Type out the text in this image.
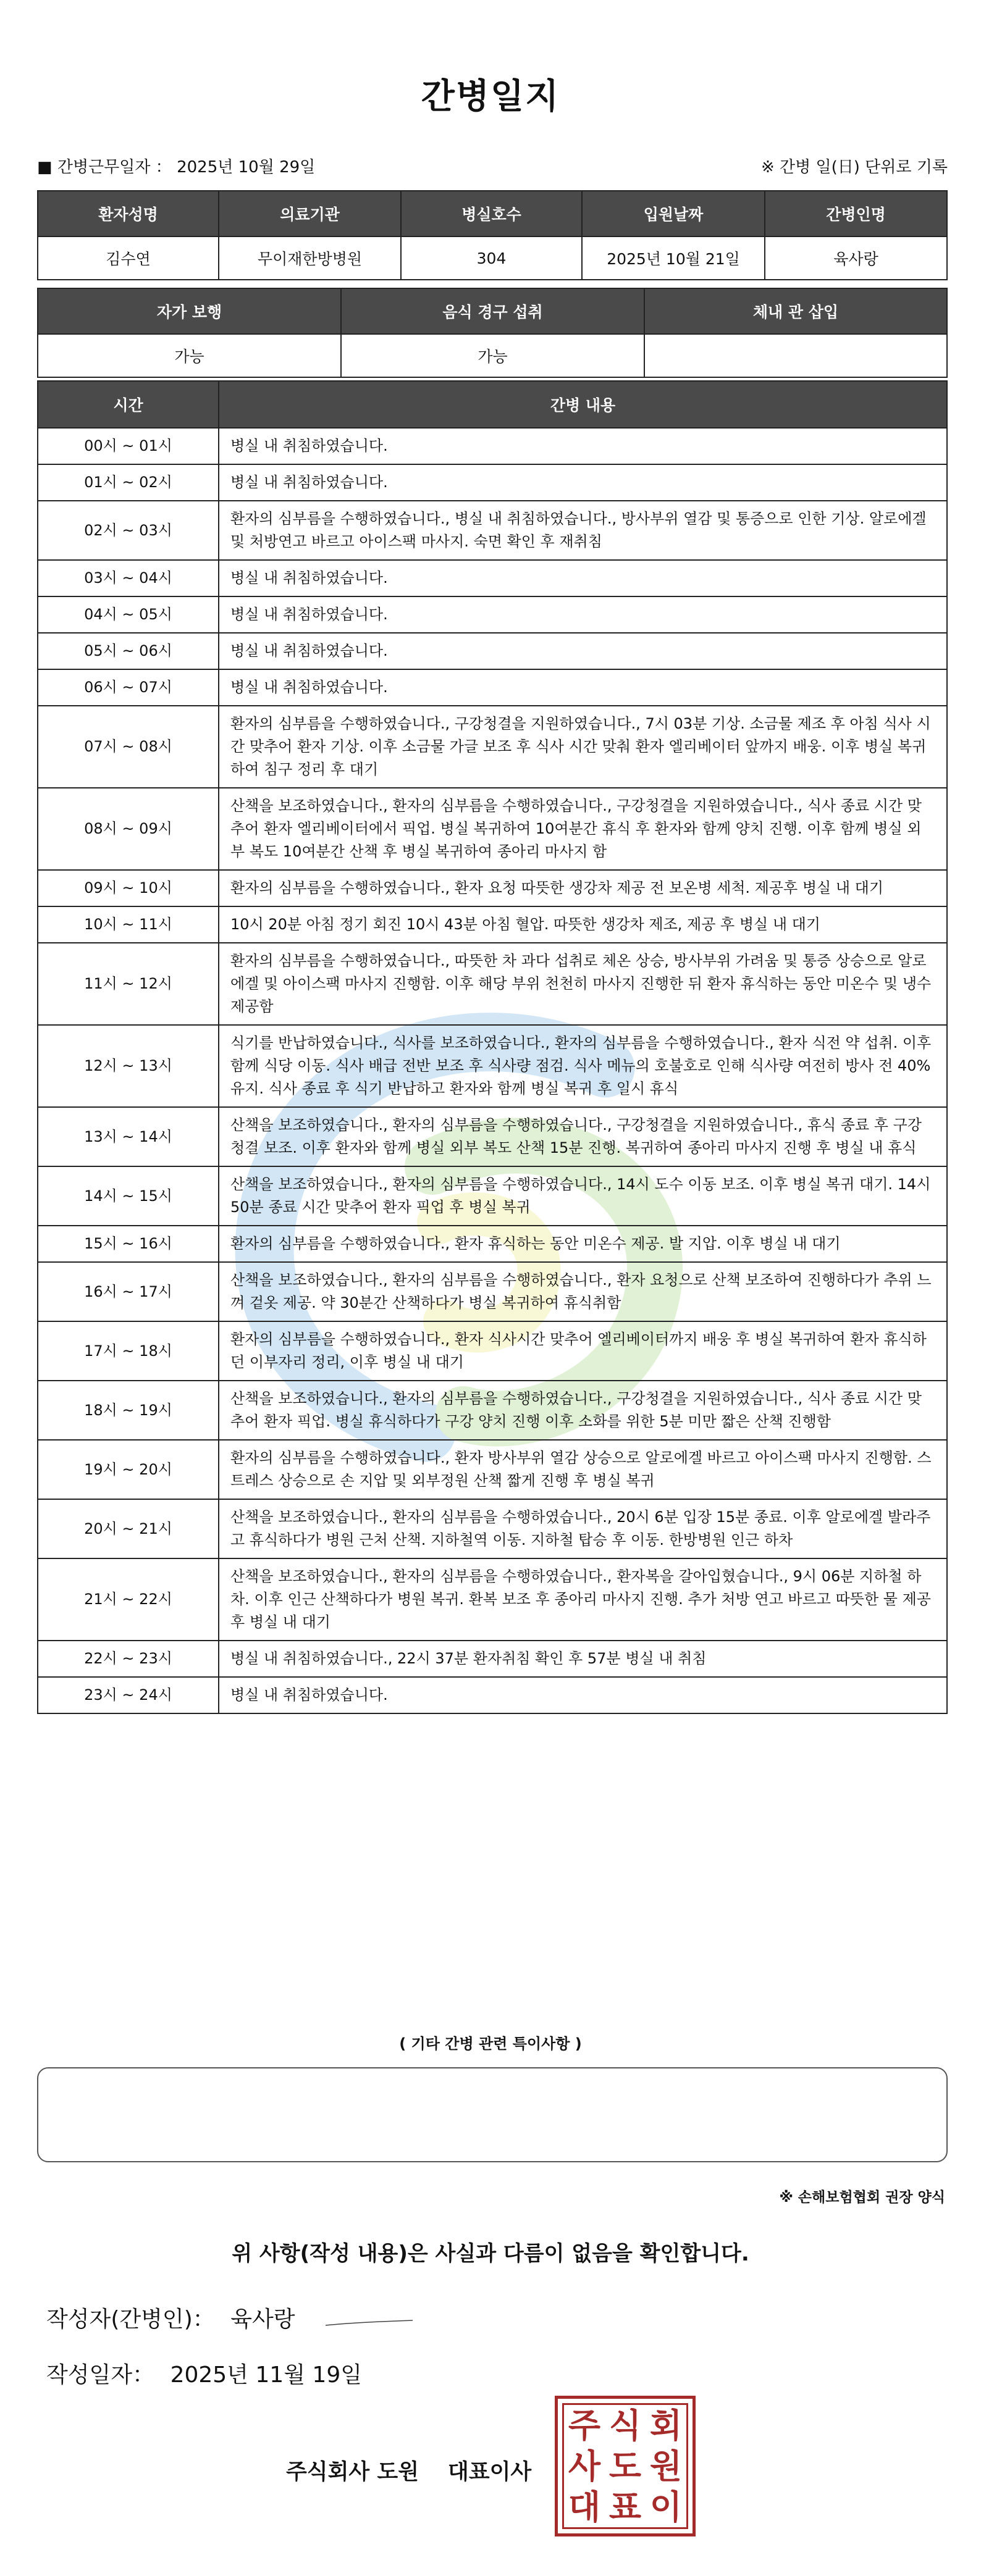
간병일지
■ 간병근무일자 ： 2025년 10월 29일	※ 간병 일(日) 단위로 기록
환자성명	의료기관	병실호수	입원날짜	간병인명
김수연	무이재한방병원	304	2025년 10월 21일	육사랑
자가 보행	음식 경구 섭취	체내 관 삽입
가능	가능	
시간	간병 내용
00시 ~ 01시	병실 내 취침하였습니다.
01시 ~ 02시	병실 내 취침하였습니다.
02시 ~ 03시	환자의 심부름을 수행하였습니다., 병실 내 취침하였습니다., 방사부위 열감 및 통증으로 인한 기상. 알로에겔 및 처방연고 바르고 아이스팩 마사지. 숙면 확인 후 재취침
03시 ~ 04시	병실 내 취침하였습니다.
04시 ~ 05시	병실 내 취침하였습니다.
05시 ~ 06시	병실 내 취침하였습니다.
06시 ~ 07시	병실 내 취침하였습니다.
07시 ~ 08시	환자의 심부름을 수행하였습니다., 구강청결을 지원하였습니다., 7시 03분 기상. 소금물 제조 후 아침 식사 시간 맞추어 환자 기상. 이후 소금물 가글 보조 후 식사 시간 맞춰 환자 엘리베이터 앞까지 배웅. 이후 병실 복귀하여 침구 정리 후 대기
08시 ~ 09시	산책을 보조하였습니다., 환자의 심부름을 수행하였습니다., 구강청결을 지원하였습니다., 식사 종료 시간 맞추어 환자 엘리베이터에서 픽업. 병실 복귀하여 10여분간 휴식 후 환자와 함께 양치 진행. 이후 함께 병실 외부 복도 10여분간 산책 후 병실 복귀하여 종아리 마사지 함
09시 ~ 10시	환자의 심부름을 수행하였습니다., 환자 요청 따뜻한 생강차 제공 전 보온병 세척. 제공후 병실 내 대기
10시 ~ 11시	10시 20분 아침 정기 회진 10시 43분 아침 혈압. 따뜻한 생강차 제조, 제공 후 병실 내 대기
11시 ~ 12시	환자의 심부름을 수행하였습니다., 따뜻한 차 과다 섭취로 체온 상승, 방사부위 가려움 및 통증 상승으로 알로에겔 및 아이스팩 마사지 진행함. 이후 해당 부위 천천히 마사지 진행한 뒤 환자 휴식하는 동안 미온수 및 냉수 제공함
12시 ~ 13시	식기를 반납하였습니다., 식사를 보조하였습니다., 환자의 심부름을 수행하였습니다., 환자 식전 약 섭취. 이후 함께 식당 이동. 식사 배급 전반 보조 후 식사량 점검. 식사 메뉴의 호불호로 인해 식사량 여전히 방사 전 40% 유지. 식사 종료 후 식기 반납하고 환자와 함께 병실 복귀 후 일시 휴식
13시 ~ 14시	산책을 보조하였습니다., 환자의 심부름을 수행하였습니다., 구강청결을 지원하였습니다., 휴식 종료 후 구강 청결 보조. 이후 환자와 함께 병실 외부 복도 산책 15분 진행. 복귀하여 종아리 마사지 진행 후 병실 내 휴식
14시 ~ 15시	산책을 보조하였습니다., 환자의 심부름을 수행하였습니다., 14시 도수 이동 보조. 이후 병실 복귀 대기. 14시 50분 종료 시간 맞추어 환자 픽업 후 병실 복귀
15시 ~ 16시	환자의 심부름을 수행하였습니다., 환자 휴식하는 동안 미온수 제공. 발 지압. 이후 병실 내 대기
16시 ~ 17시	산책을 보조하였습니다., 환자의 심부름을 수행하였습니다., 환자 요청으로 산책 보조하여 진행하다가 추위 느껴 겉옷 제공. 약 30분간 산책하다가 병실 복귀하여 휴식취함
17시 ~ 18시	환자의 심부름을 수행하였습니다., 환자 식사시간 맞추어 엘리베이터까지 배웅 후 병실 복귀하여 환자 휴식하던 이부자리 정리, 이후 병실 내 대기
18시 ~ 19시	산책을 보조하였습니다., 환자의 심부름을 수행하였습니다., 구강청결을 지원하였습니다., 식사 종료 시간 맞추어 환자 픽업. 병실 휴식하다가 구강 양치 진행 이후 소화를 위한 5분 미만 짧은 산책 진행함
19시 ~ 20시	환자의 심부름을 수행하였습니다., 환자 방사부위 열감 상승으로 알로에겔 바르고 아이스팩 마사지 진행함. 스트레스 상승으로 손 지압 및 외부정원 산책 짧게 진행 후 병실 복귀
20시 ~ 21시	산책을 보조하였습니다., 환자의 심부름을 수행하였습니다., 20시 6분 입장 15분 종료. 이후 알로에겔 발라주고 휴식하다가 병원 근처 산책. 지하철역 이동. 지하철 탑승 후 이동. 한방병원 인근 하차
21시 ~ 22시	산책을 보조하였습니다., 환자의 심부름을 수행하였습니다., 환자복을 갈아입혔습니다., 9시 06분 지하철 하차. 이후 인근 산책하다가 병원 복귀. 환복 보조 후 종아리 마사지 진행. 추가 처방 연고 바르고 따뜻한 물 제공 후 병실 내 대기
22시 ~ 23시	병실 내 취침하였습니다., 22시 37분 환자취침 확인 후 57분 병실 내 취침
23시 ~ 24시	병실 내 취침하였습니다.
( 기타 간병 관련 특이사항 )
※ 손해보험협회 권장 양식
위 사항(작성 내용)은 사실과 다름이 없음을 확인합니다.
작성자(간병인)： 육사랑
작성일자： 2025년 11월 19일
주식회사 도원 대표이사
주 식 회
사 도 원
대 표 이
